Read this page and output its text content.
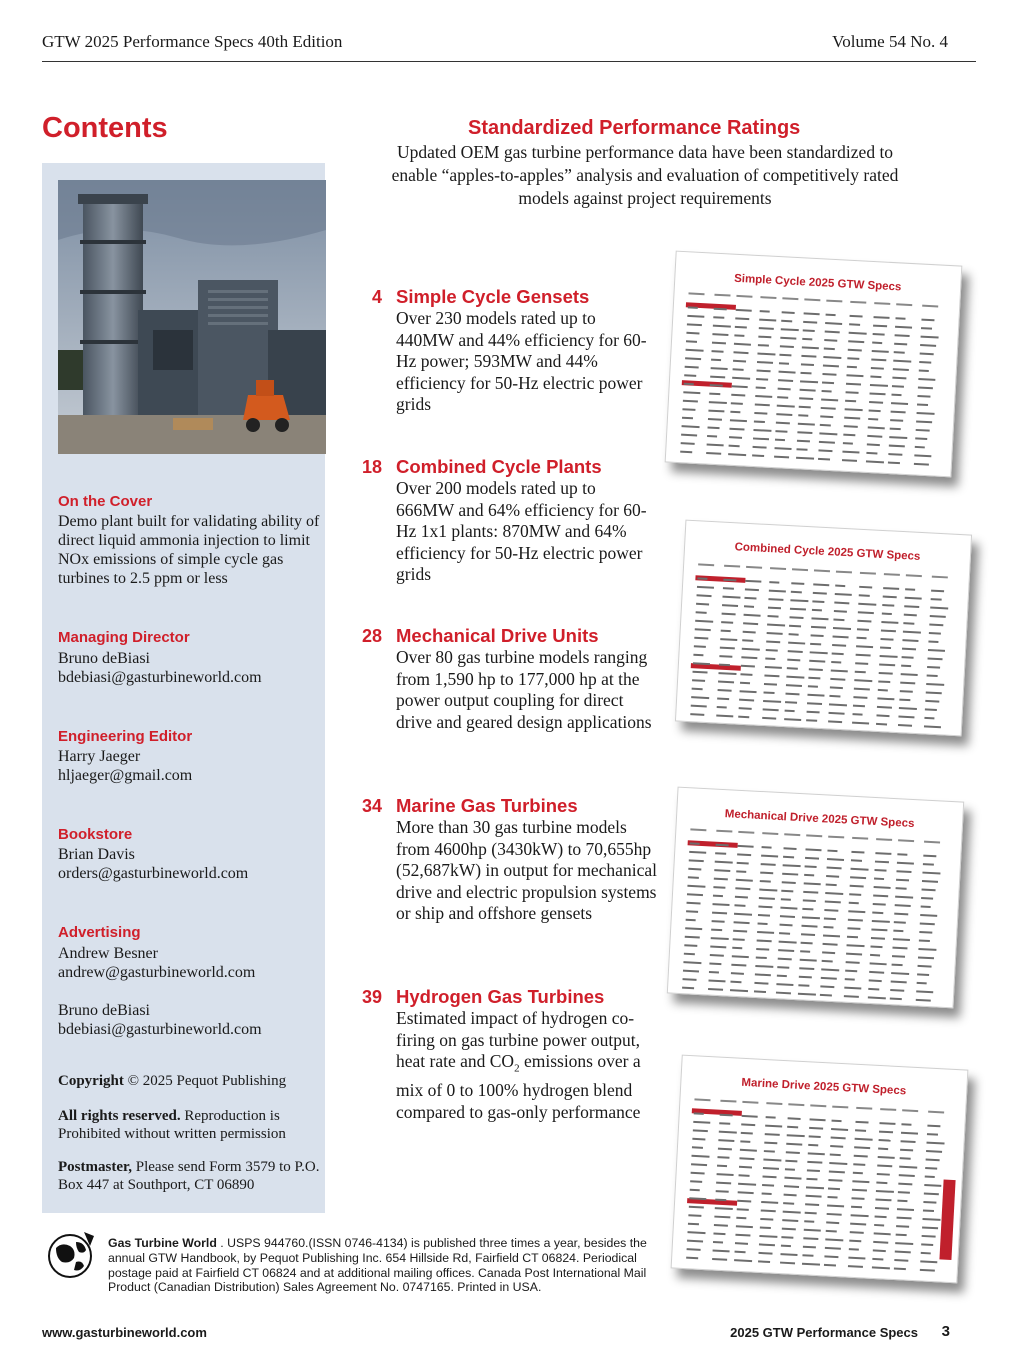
GTW 2025 Performance Specs 40th Edition	Volume 54 No. 4
Contents
On the Cover
Demo plant built for validating ability of direct liquid ammonia injection to limit NOx emissions of simple cycle gas turbines to 2.5 ppm or less
Managing Director
Bruno deBiasi
bdebiasi@gasturbineworld.com
Engineering Editor
Harry Jaeger
hljaeger@gmail.com
Bookstore
Brian Davis
orders@gasturbineworld.com
Advertising
Andrew Besner
andrew@gasturbineworld.com
Bruno deBiasi
bdebiasi@gasturbineworld.com
Copyright © 2025 Pequot Publishing
All rights reserved. Reproduction is Prohibited without written permission
Postmaster, Please send Form 3579 to P.O. Box 447 at Southport, CT 06890
Standardized Performance Ratings
Updated OEM gas turbine performance data have been standardized to enable “apples-to-apples” analysis and evaluation of competitively rated models against project requirements
4 Simple Cycle Gensets
Over 230 models rated up to 440MW and 44% efficiency for 60-Hz power; 593MW and 44% efficiency for 50-Hz electric power grids
18 Combined Cycle Plants
Over 200 models rated up to 666MW and 64% efficiency for 60-Hz 1x1 plants: 870MW and 64% efficiency for 50-Hz electric power grids
28 Mechanical Drive Units
Over 80 gas turbine models ranging from 1,590 hp to 177,000 hp at the power output coupling for direct drive and geared design applications
34 Marine Gas Turbines
More than 30 gas turbine models from 4600hp (3430kW) to 70,655hp (52,687kW) in output for mechanical drive and electric propulsion systems or ship and offshore gensets
39 Hydrogen Gas Turbines
Estimated impact of hydrogen co-firing on gas turbine power output, heat rate and $CO_2$ emissions over a mix of 0 to 100% hydrogen blend compared to gas-only performance
Simple Cycle 2025 GTW Specs
Combined Cycle 2025 GTW Specs
Mechanical Drive 2025 GTW Specs
Marine Drive 2025 GTW Specs
Gas Turbine World . USPS 944760.(ISSN 0746-4134) is published three times a year, besides the annual GTW Handbook, by Pequot Publishing Inc. 654 Hillside Rd, Fairfield CT 06824. Periodical postage paid at Fairfield CT 06824 and at additional mailing offices. Canada Post International Mail Product (Canadian Distribution) Sales Agreement No. 0747165. Printed in USA.
www.gasturbineworld.com	2025 GTW Performance Specs 3
